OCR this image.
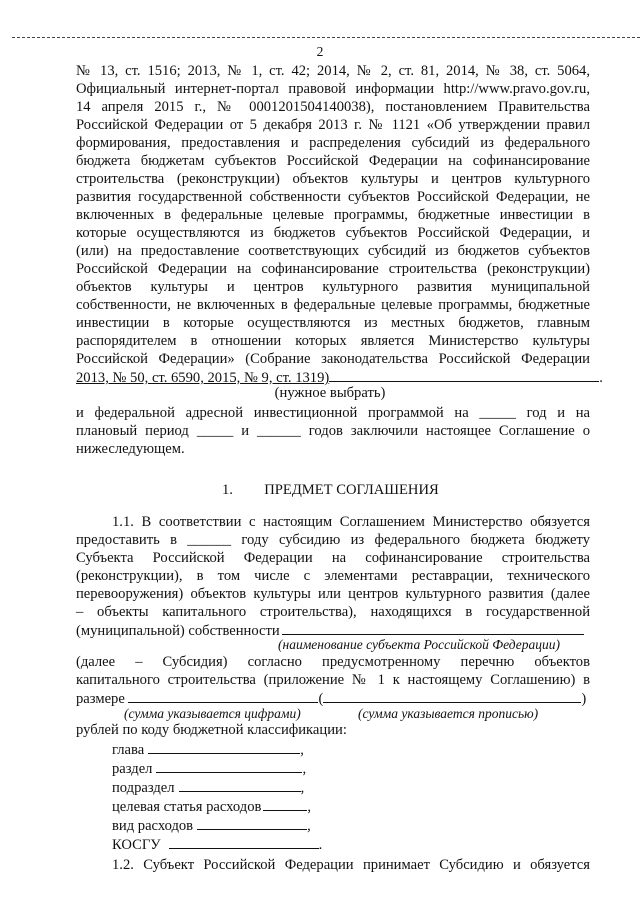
2
№ 13, ст. 1516; 2013, № 1, ст. 42; 2014, № 2, ст. 81, 2014, № 38, ст. 5064,
Официальный интернет-портал правовой информации http://www.pravo.gov.ru,
14 апреля 2015 г., № 0001201504140038), постановлением Правительства
Российской Федерации от 5 декабря 2013 г. № 1121 «Об утверждении правил
формирования, предоставления и распределения субсидий из федерального
бюджета бюджетам субъектов Российской Федерации на софинансирование
строительства (реконструкции) объектов культуры и центров культурного
развития государственной собственности субъектов Российской Федерации, не
включенных в федеральные целевые программы, бюджетные инвестиции в
которые осуществляются из бюджетов субъектов Российской Федерации, и
(или) на предоставление соответствующих субсидий из бюджетов субъектов
Российской Федерации на софинансирование строительства (реконструкции)
объектов культуры и центров культурного развития муниципальной
собственности, не включенных в федеральные целевые программы, бюджетные
инвестиции в которые осуществляются из местных бюджетов, главным
распорядителем в отношении которых является Министерство культуры
Российской Федерации» (Собрание законодательства Российской Федерации
2013, № 50, ст. 6590, 2015, № 9, ст. 1319)	.
(нужное выбрать)
и федеральной адресной инвестиционной программой на _____ год и на
плановый период _____ и ______ годов заключили настоящее Соглашение о
нижеследующем.
1. ПРЕДМЕТ СОГЛАШЕНИЯ
1.1. В соответствии с настоящим Соглашением Министерство обязуется
предоставить в ______ году субсидию из федерального бюджета бюджету
Субъекта Российской Федерации на софинансирование строительства
(реконструкции), в том числе с элементами реставрации, технического
перевооружения) объектов культуры или центров культурного развития (далее
– объекты капитального строительства), находящихся в государственной
(муниципальной) собственности
(наименование субъекта Российской Федерации)
(далее – Субсидия) согласно предусмотренному перечню объектов
капитального строительства (приложение № 1 к настоящему Соглашению) в
размере	(	)
(сумма указывается цифрами)	(сумма указывается прописью)
рублей по коду бюджетной классификации:
глава	,
раздел	,
подраздел	,
целевая статья расходов	,
вид расходов	,
КОСГУ	.
1.2. Субъект Российской Федерации принимает Субсидию и обязуется
